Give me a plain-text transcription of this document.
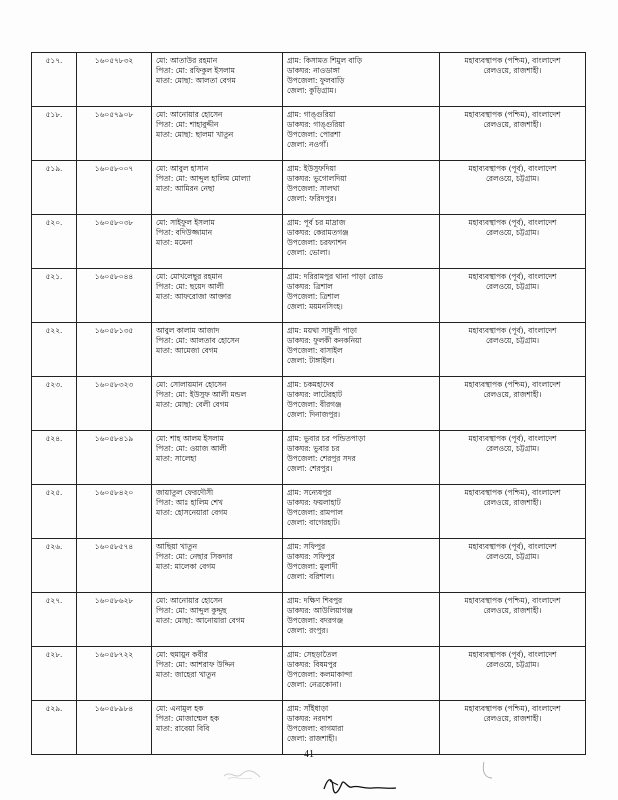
৫১৭.	১৬০৫৭৮৩২	মো: আতাউর রহমান
পিতা: মো: রফিকুল ইসলাম
মাতা: মোছা: আলতা বেগম	গ্রাম: কিসামত শিমুল বাড়ি
ডাকঘর: নাওডাঙ্গা
উপজেলা: ফুলবাড়ি
জেলা: কুড়িগ্রাম।	মহাব্যবস্থাপক (পশ্চিম), বাংলাদেশ
রেলওয়ে, রাজশাহী।

৫১৮.	১৬০৫৭৯০৮	মো: আনোয়ার হোসেন
পিতা: মো: শাহাবুদ্দীন
মাতা: মোছা: ছালমা খাতুন	গ্রাম: গাঙ্গুরিয়া
ডাকঘর: গাঙ্গুরিয়া
উপজেলা: পোরশা
জেলা: নওগাঁ।	মহাব্যবস্থাপক (পশ্চিম), বাংলাদেশ
রেলওয়ে, রাজশাহী।

৫১৯.	১৬০৫৮০০৭	মো: আবুল হাসান
পিতা: মো: আব্দুল হালিম মোল্যা
মাতা: আমিরন নেছা	গ্রাম: ইউসুফদিয়া
ডাকঘর: ভুগোলদিয়া
উপজেলা: সালথা
জেলা: ফরিদপুর।	মহাব্যবস্থাপক (পূর্ব), বাংলাদেশ
রেলওয়ে, চট্টগ্রাম।

৫২০.	১৬০৫৮০৩৮	মো: সাইফুল ইসলাম
পিতা: বদিউজ্জামান
মাতা: মমেনা	গ্রাম: পূর্ব চর মাদ্রাজ
ডাকঘর: কেরামতগঞ্জ
উপজেলা: চরফ্যাশন
জেলা: ভোলা।	মহাব্যবস্থাপক (পূর্ব), বাংলাদেশ
রেলওয়ে, চট্টগ্রাম।

৫২১.	১৬০৫৮০৪৪	মো: মোখলেছুর রহমান
পিতা: মো: ছয়েদ আলী
মাতা: আফরোজা আক্তার	গ্রাম: দরিরামপুর থানা পাড়া রোড
ডাকঘর: ত্রিশাল
উপজেলা: ত্রিশাল
জেলা: ময়মনসিংহ।	মহাব্যবস্থাপক (পূর্ব), বাংলাদেশ
রেলওয়ে, চট্টগ্রাম।

৫২২.	১৬০৫৮১৩৫	আবুল কালাম আজাদ
পিতা: মো: আলতাব হোসেন
মাতা: আমেজা বেগম	গ্রাম: ময়থা সাধুলী পাড়া
ডাকঘর: ফুলকী কনকনিয়া
উপজেলা: বাসাইল
জেলা: টাঙ্গাইল।	মহাব্যবস্থাপক (পূর্ব), বাংলাদেশ
রেলওয়ে, চট্টগ্রাম।

৫২৩.	১৬০৫৮৩২৩	মো: সোলায়মান হোসেন
পিতা: মো: ইউসুফ আলী মন্ডল
মাতা: মোছা: বেলী বেগম	গ্রাম: চকমহাদেব
ডাকঘর: লাটেরহাট
উপজেলা: বীরগঞ্জ
জেলা: দিনাজপুর।	মহাব্যবস্থাপক (পশ্চিম), বাংলাদেশ
রেলওয়ে, রাজশাহী।

৫২৪.	১৬০৫৮৪১৯	মো: শাহ আলম ইসলাম
পিতা: মো: ওয়াজ আলী
মাতা: সালেহা	গ্রাম: ভুবার চর পন্ডিতপাড়া
ডাকঘর: ভুবার চর
উপজেলা: শেরপুর সদর
জেলা: শেরপুর।	মহাব্যবস্থাপক (পূর্ব), বাংলাদেশ
রেলওয়ে, চট্টগ্রাম।

৫২৫.	১৬০৫৮৪২০	জায়াতুল ফেরদৌসী
পিতা: আঃ হালিম শেখ
মাতা: হোসনেয়ারা বেগম	গ্রাম: সন্যেষপুর
ডাকঘর: ফয়লাহাট
উপজেলা: রামপাল
জেলা: বাগেরহাট।	মহাব্যবস্থাপক (পশ্চিম), বাংলাদেশ
রেলওয়ে, রাজশাহী।

৫২৬.	১৬০৫৮৫৭৪	আছিয়া খাতুন
পিতা: মো: নেছার সিকদার
মাতা: মালেকা বেগম	গ্রাম: সফিপুর
ডাকঘর: সফিপুর
উপজেলা: মুলাদী
জেলা: বরিশাল।	মহাব্যবস্থাপক (পূর্ব), বাংলাদেশ
রেলওয়ে, চট্টগ্রাম।

৫২৭.	১৬০৫৮৬২৮	মো: আনোয়ার হোসেন
পিতা: মো: আব্দুল কুদ্দুছ
মাতা: মোছা: আনোয়ারা বেগম	গ্রাম: দক্ষিণ শিবপুর
ডাকঘর: আউলিয়াগঞ্জ
উপজেলা: বদরগঞ্জ
জেলা: রংপুর।	মহাব্যবস্থাপক (পশ্চিম), বাংলাদেশ
রেলওয়ে, রাজশাহী।

৫২৮.	১৬০৫৮৭২২	মো: হুমায়ুন কবীর
পিতা: মো: আশরাফ উদ্দিন
মাতা: জাহেরা খাতুন	গ্রাম: সেহড়াতৈল
ডাকঘর: বিষমপুর
উপজেলা: কলমাকান্দা
জেলা: নেত্রকোনা।	মহাব্যবস্থাপক (পূর্ব), বাংলাদেশ
রেলওয়ে, চট্টগ্রাম।

৫২৯.	১৬০৫৮৯৮৪	মো: এনামুল হক
পিতা: মোজাম্মেল হক
মাতা: রাবেয়া বিবি	গ্রাম: সাঁইধাড়া
ডাকঘর: নরদাশ
উপজেলা: বাগমারা
জেলা: রাজশাহী।	মহাব্যবস্থাপক (পশ্চিম), বাংলাদেশ
রেলওয়ে, রাজশাহী।
41
